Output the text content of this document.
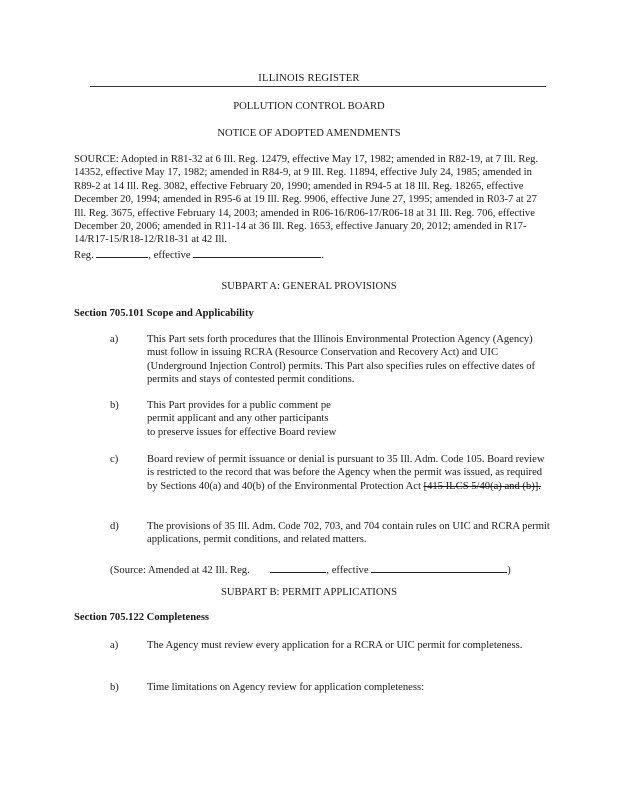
ILLINOIS REGISTER
POLLUTION CONTROL BOARD
NOTICE OF ADOPTED AMENDMENTS
SOURCE: Adopted in R81-32 at 6 Ill. Reg. 12479, effective May 17, 1982; amended in R82-19, at 7 Ill. Reg. 14352, effective May 17, 1982; amended in R84-9, at 9 Ill. Reg. 11894, effective July 24, 1985; amended in R89-2 at 14 Ill. Reg. 3082, effective February 20, 1990; amended in R94-5 at 18 Ill. Reg. 18265, effective December 20, 1994; amended in R95-6 at 19 Ill. Reg. 9906, effective June 27, 1995; amended in R03-7 at 27 Ill. Reg. 3675, effective February 14, 2003; amended in R06-16/R06-17/R06-18 at 31 Ill. Reg. 706, effective December 20, 2006; amended in R11-14 at 36 Ill. Reg. 1653, effective January 20, 2012; amended in R17-14/R17-15/R18-12/R18-31 at 42 Ill.
Reg.	, effective	.
SUBPART A: GENERAL PROVISIONS
Section 705.101 Scope and Applicability
a)	This Part sets forth procedures that the Illinois Environmental Protection Agency (Agency) must follow in issuing RCRA (Resource Conservation and Recovery Act) and UIC (Underground Injection Control) permits. This Part also specifies rules on effective dates of permits and stays of contested permit conditions.
b)	This Part provides for a public comment pe
permit applicant and any other participants
to preserve issues for effective Board review
c)	Board review of permit issuance or denial is pursuant to 35 Ill. Adm. Code 105. Board review is restricted to the record that was before the Agency when the permit was issued, as required by Sections 40(a) and 40(b) of the Environmental Protection Act [415 ILCS 5/40(a) and (b)].
d)	The provisions of 35 Ill. Adm. Code 702, 703, and 704 contain rules on UIC and RCRA permit applications, permit conditions, and related matters.
(Source: Amended at 42 Ill. Reg.	, effective	)
SUBPART B: PERMIT APPLICATIONS
Section 705.122 Completeness
a)	The Agency must review every application for a RCRA or UIC permit for completeness.
b)	Time limitations on Agency review for application completeness:
